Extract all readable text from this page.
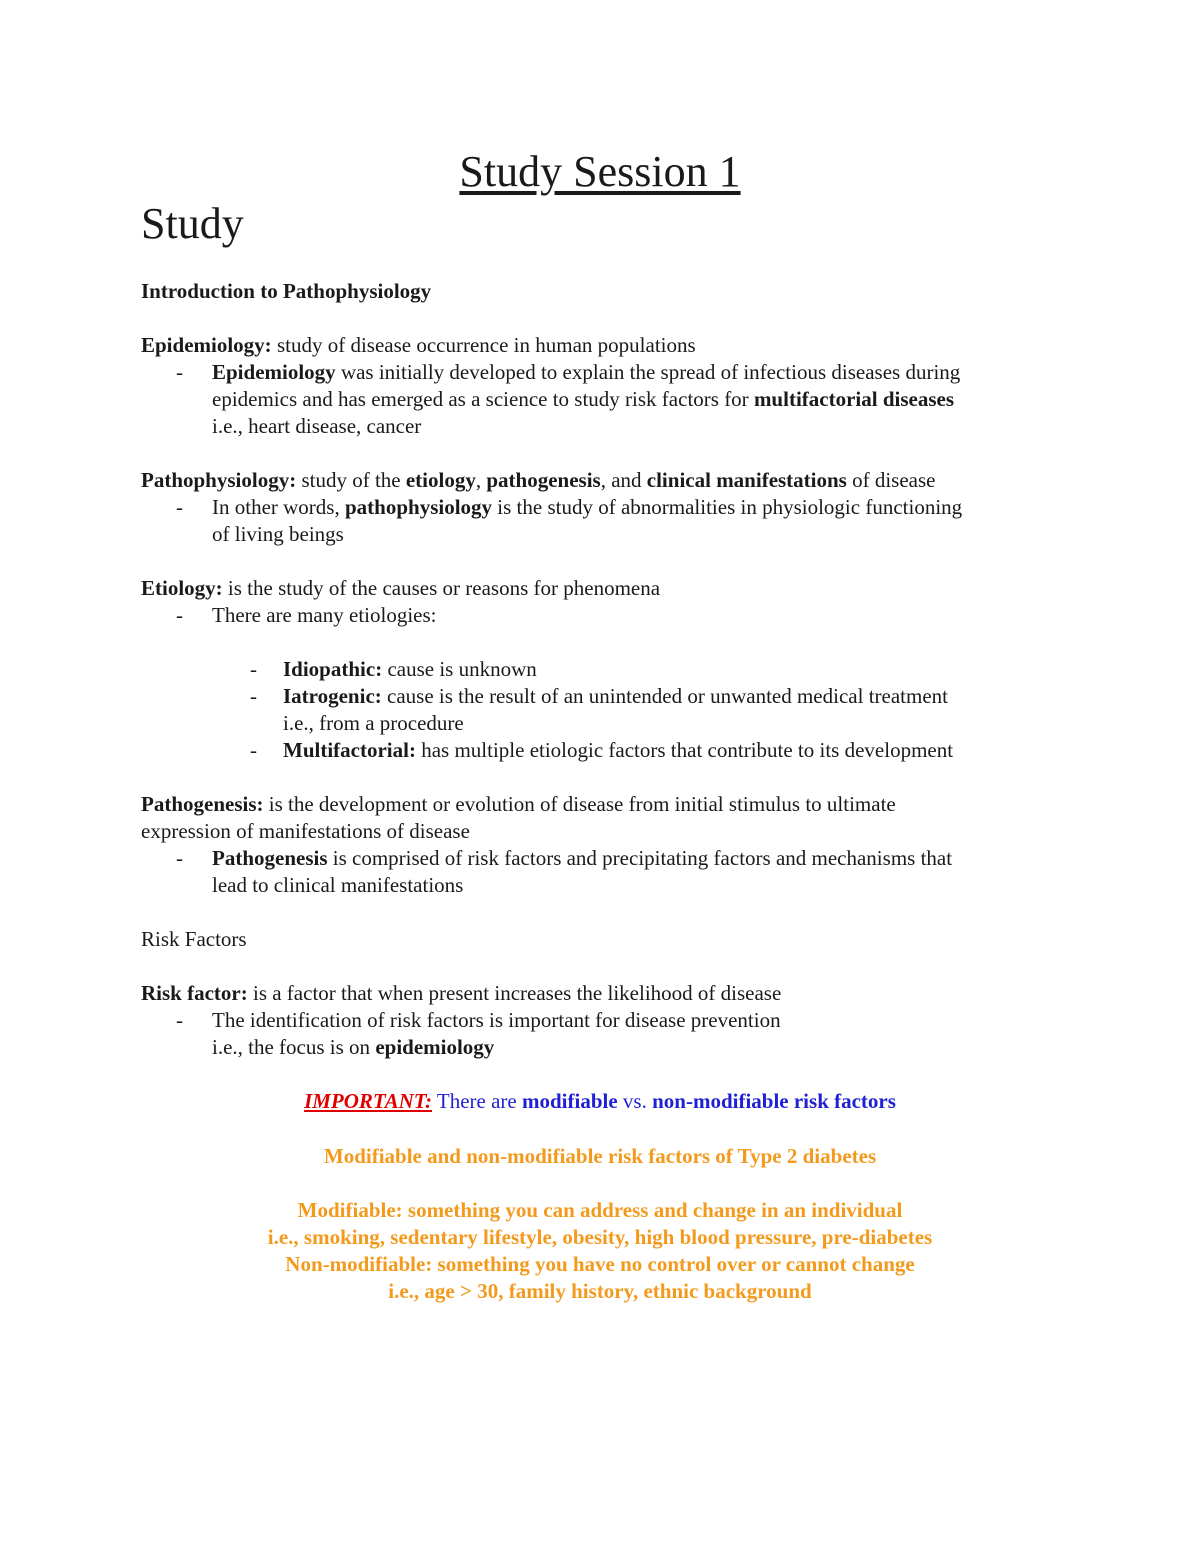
Study Session 1
Study
Introduction to Pathophysiology
Epidemiology: study of disease occurrence in human populations
- Epidemiology was initially developed to explain the spread of infectious diseases during
epidemics and has emerged as a science to study risk factors for multifactorial diseases
i.e., heart disease, cancer
Pathophysiology: study of the etiology, pathogenesis, and clinical manifestations of disease
- In other words, pathophysiology is the study of abnormalities in physiologic functioning
of living beings
Etiology: is the study of the causes or reasons for phenomena
- There are many etiologies:
- Idiopathic: cause is unknown
- Iatrogenic: cause is the result of an unintended or unwanted medical treatment
i.e., from a procedure
- Multifactorial: has multiple etiologic factors that contribute to its development
Pathogenesis: is the development or evolution of disease from initial stimulus to ultimate
expression of manifestations of disease
- Pathogenesis is comprised of risk factors and precipitating factors and mechanisms that
lead to clinical manifestations
Risk Factors
Risk factor: is a factor that when present increases the likelihood of disease
- The identification of risk factors is important for disease prevention
i.e., the focus is on epidemiology
IMPORTANT: There are modifiable vs. non-modifiable risk factors
Modifiable and non-modifiable risk factors of Type 2 diabetes
Modifiable: something you can address and change in an individual
i.e., smoking, sedentary lifestyle, obesity, high blood pressure, pre-diabetes
Non-modifiable: something you have no control over or cannot change
i.e., age > 30, family history, ethnic background
